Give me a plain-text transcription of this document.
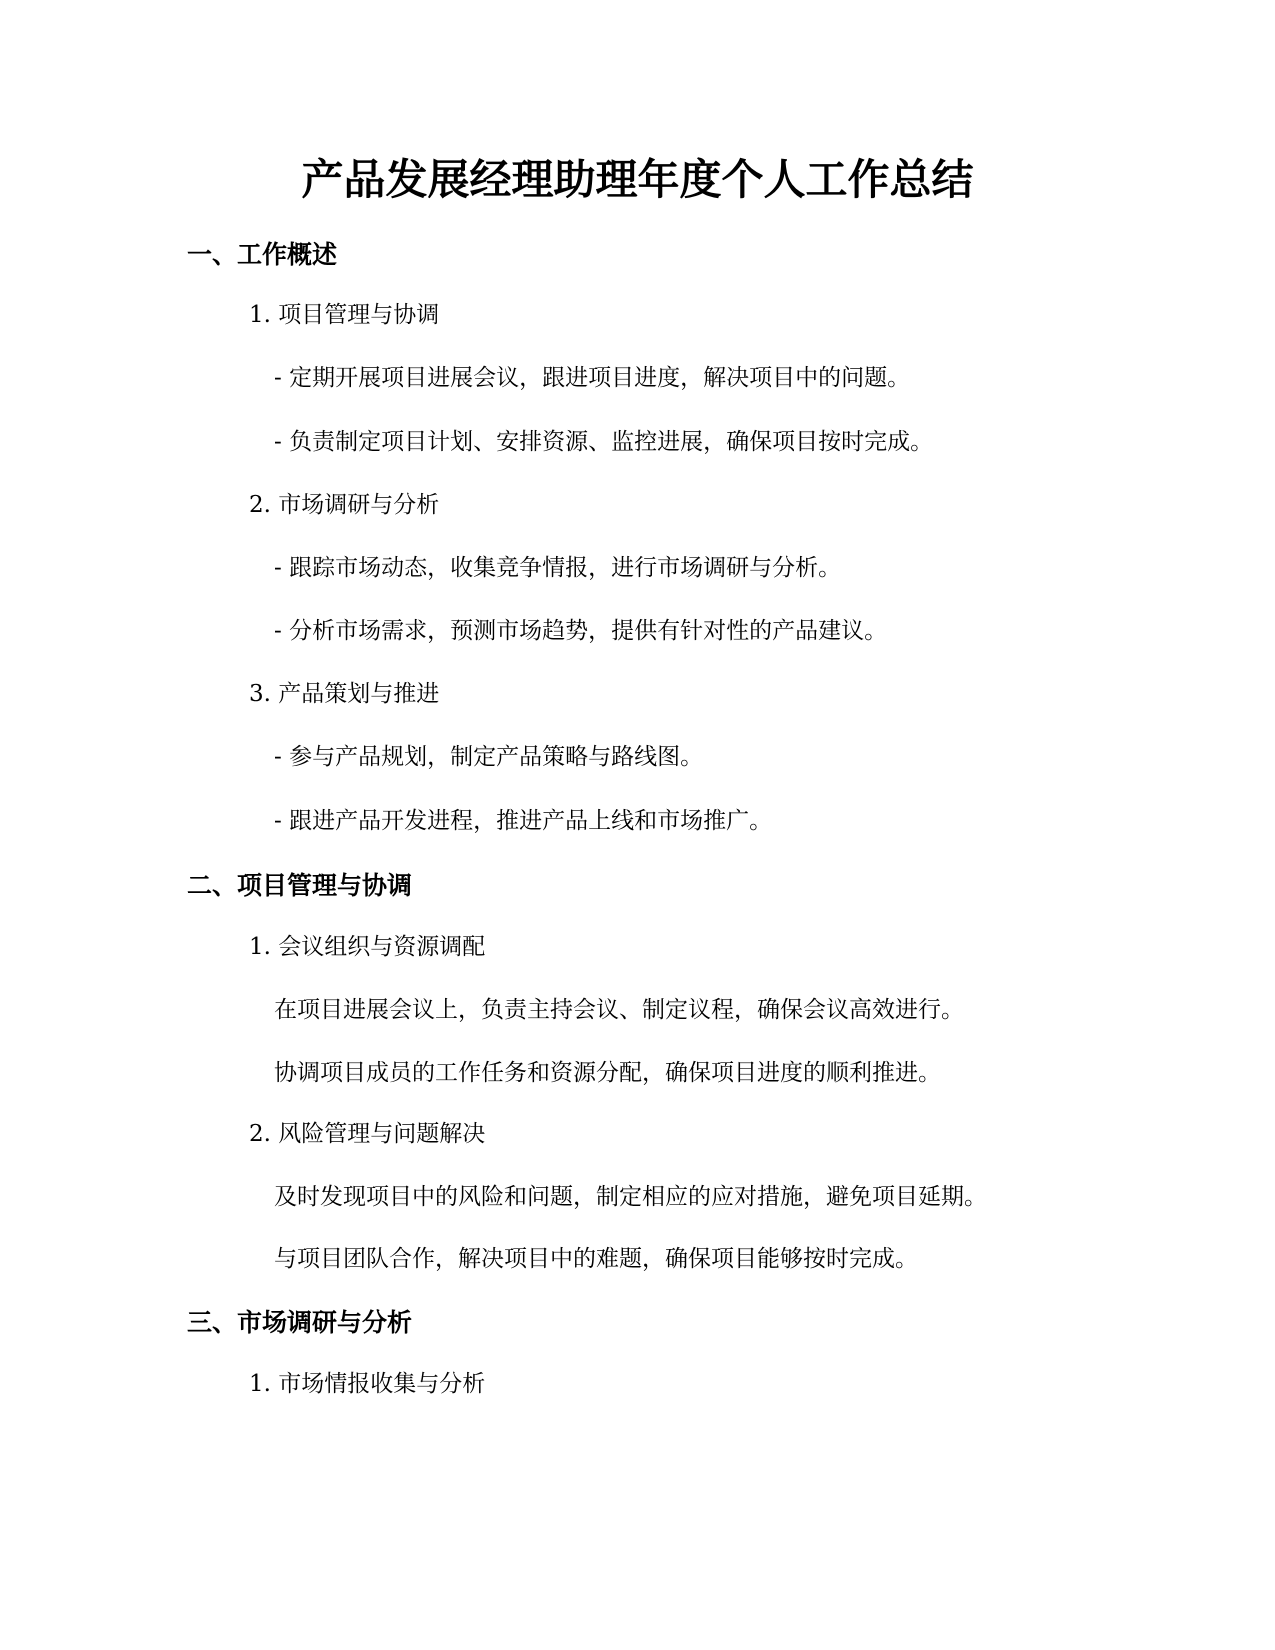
产品发展经理助理年度个人工作总结
一、工作概述

1. 项目管理与协调

- 定期开展项目进展会议，跟进项目进度，解决项目中的问题。

- 负责制定项目计划、安排资源、监控进展，确保项目按时完成。

2. 市场调研与分析

- 跟踪市场动态，收集竞争情报，进行市场调研与分析。

- 分析市场需求，预测市场趋势，提供有针对性的产品建议。

3. 产品策划与推进

- 参与产品规划，制定产品策略与路线图。

- 跟进产品开发进程，推进产品上线和市场推广。

二、项目管理与协调

1. 会议组织与资源调配

在项目进展会议上，负责主持会议、制定议程，确保会议高效进行。

协调项目成员的工作任务和资源分配，确保项目进度的顺利推进。

2. 风险管理与问题解决

及时发现项目中的风险和问题，制定相应的应对措施，避免项目延期。

与项目团队合作，解决项目中的难题，确保项目能够按时完成。

三、市场调研与分析

1. 市场情报收集与分析
